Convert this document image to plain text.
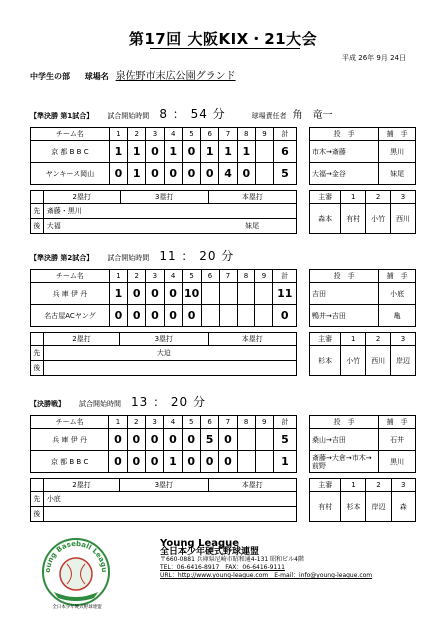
第17回 大阪KIX・21大会
平成 26年 9月 24日
中学生の部 球場名 泉佐野市末広公園グランド
【準決勝 第1試合】 試合開始時間 8 ： 54 分	球場責任者 角　竜一
チーム名	1	2	3	4	5	6	7	8	9	計
京 都 B B C	1	1	0	1	0	1	1	1		6
ヤンキース岡山	0	1	0	0	0	0	4	0		5
投　手	捕　手
市木→斎藤	黒川
大福→金谷	妹尾
	2塁打	3塁打	本塁打
先	斎藤・黒川		
後	大福		妹尾
主審	1	2	3
森本	有村	小竹	西川
【準決勝 第2試合】 試合開始時間 11 ： 20 分
チーム名	1	2	3	4	5	6	7	8	9	計
兵 庫 伊 丹	1	0	0	0	10					11
名古屋ACヤング	0	0	0	0	0					0
投　手	捕　手
吉田	小底
鴨井→吉田	亀
	2塁打	3塁打	本塁打
先		大迫	
後			
主審	1	2	3
杉本	小竹	西川	岸辺
【決勝戦】 試合開始時間 13 ： 20 分
チーム名	1	2	3	4	5	6	7	8	9	計
兵 庫 伊 丹	0	0	0	0	0	5	0			5
京 都 B B C	0	0	0	1	0	0	0			1
投　手	捕　手
桑山→吉田	石井
斎藤→大倉→市木→前野	黒川
	2塁打	3塁打	本塁打
先	小底		
後			
主審	1	2	3
有村	杉本	岸辺	森
oung Baseball Leagu
全日本少年硬式野球連盟
Young League
全日本少年硬式野球連盟
〒660-0881 兵庫県尼崎市昭和通4-131 昭和ビル4階
TEL：06-6416-8917　FAX：06-6416-9111
URL：http://www.young-league.com　E-mail：info@young-league.com
